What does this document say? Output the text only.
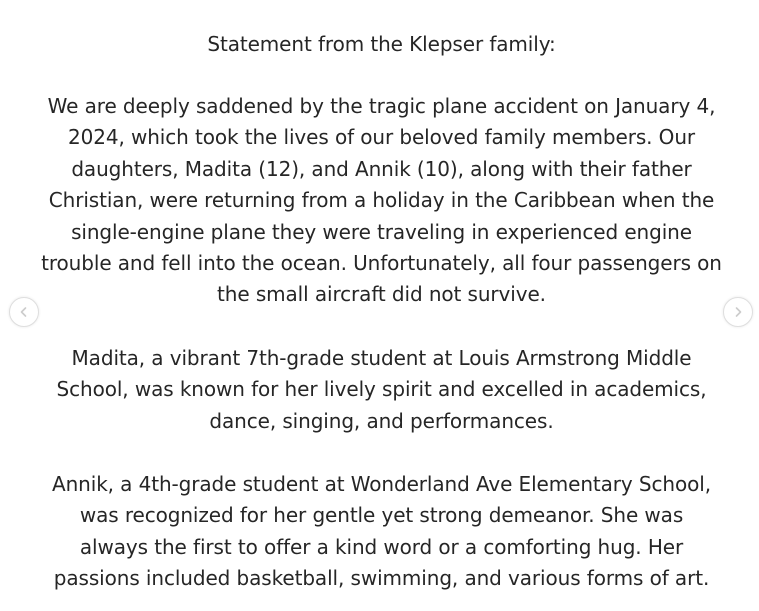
Statement from the Klepser family:
We are deeply saddened by the tragic plane accident on January 4,
2024, which took the lives of our beloved family members. Our
daughters, Madita (12), and Annik (10), along with their father
Christian, were returning from a holiday in the Caribbean when the
single-engine plane they were traveling in experienced engine
trouble and fell into the ocean. Unfortunately, all four passengers on
the small aircraft did not survive.
Madita, a vibrant 7th-grade student at Louis Armstrong Middle
School, was known for her lively spirit and excelled in academics,
dance, singing, and performances.
Annik, a 4th-grade student at Wonderland Ave Elementary School,
was recognized for her gentle yet strong demeanor. She was
always the first to offer a kind word or a comforting hug. Her
passions included basketball, swimming, and various forms of art.
